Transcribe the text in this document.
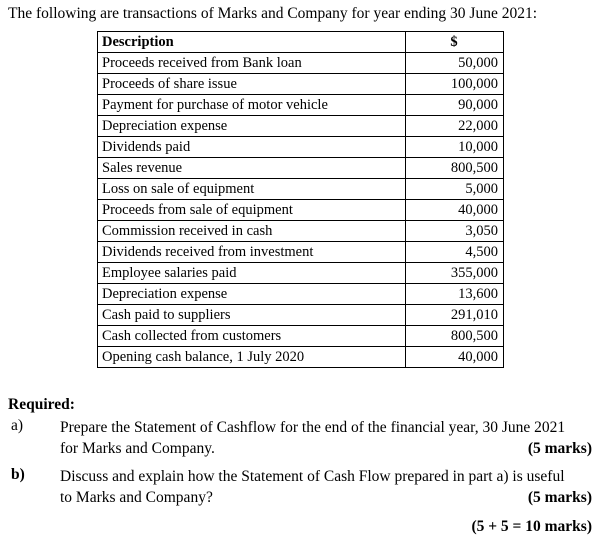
The following are transactions of Marks and Company for year ending 30 June 2021:
Description	$
Proceeds received from Bank loan	50,000
Proceeds of share issue	100,000
Payment for purchase of motor vehicle	90,000
Depreciation expense	22,000
Dividends paid	10,000
Sales revenue	800,500
Loss on sale of equipment	5,000
Proceeds from sale of equipment	40,000
Commission received in cash	3,050
Dividends received from investment	4,500
Employee salaries paid	355,000
Depreciation expense	13,600
Cash paid to suppliers	291,010
Cash collected from customers	800,500
Opening cash balance, 1 July 2020	40,000
Required:
a) Prepare the Statement of Cashflow for the end of the financial year, 30 June 2021
for Marks and Company.	(5 marks)
b) Discuss and explain how the Statement of Cash Flow prepared in part a) is useful
to Marks and Company?	(5 marks)
(5 + 5 = 10 marks)
